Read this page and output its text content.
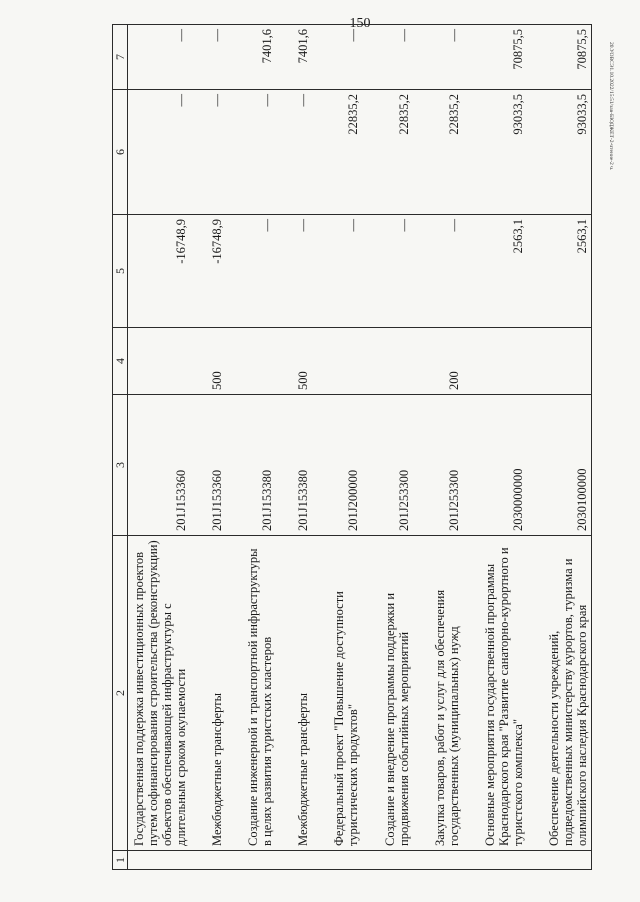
150
20.УОВСЭ1.10.2022/15:51/зав-БЮДЖЕТ-2-чтение-2 ч.
1	2	3	4	5	6	7
	Государственная поддержка инвестиционных проектов путем софинансирования строительства (реконструкции) объектов обеспечивающей инфраструктуры с длительным сроком окупаемости	201J153360		-16748,9	—	—
	Межбюджетные трансферты	201J153360	500	-16748,9	—	—
	Создание инженерной и транспортной инфраструктуры в целях развития туристских кластеров	201J153380		—	—	7401,6
	Межбюджетные трансферты	201J153380	500	—	—	7401,6
	Федеральный проект "Повышение доступности туристических продуктов"	201J200000		—	22835,2	—
	Создание и внедрение программы поддержки и продвижения событийных мероприятий	201J253300		—	22835,2	—
	Закупка товаров, работ и услуг для обеспечения государственных (муниципальных) нужд	201J253300	200	—	22835,2	—
	Основные мероприятия государственной программы Краснодарского края "Развитие санаторно-курортного и туристского комплекса"	2030000000		2563,1	93033,5	70875,5
	Обеспечение деятельности учреждений, подведомственных министерству курортов, туризма и олимпийского наследия Краснодарского края	2030100000		2563,1	93033,5	70875,5
